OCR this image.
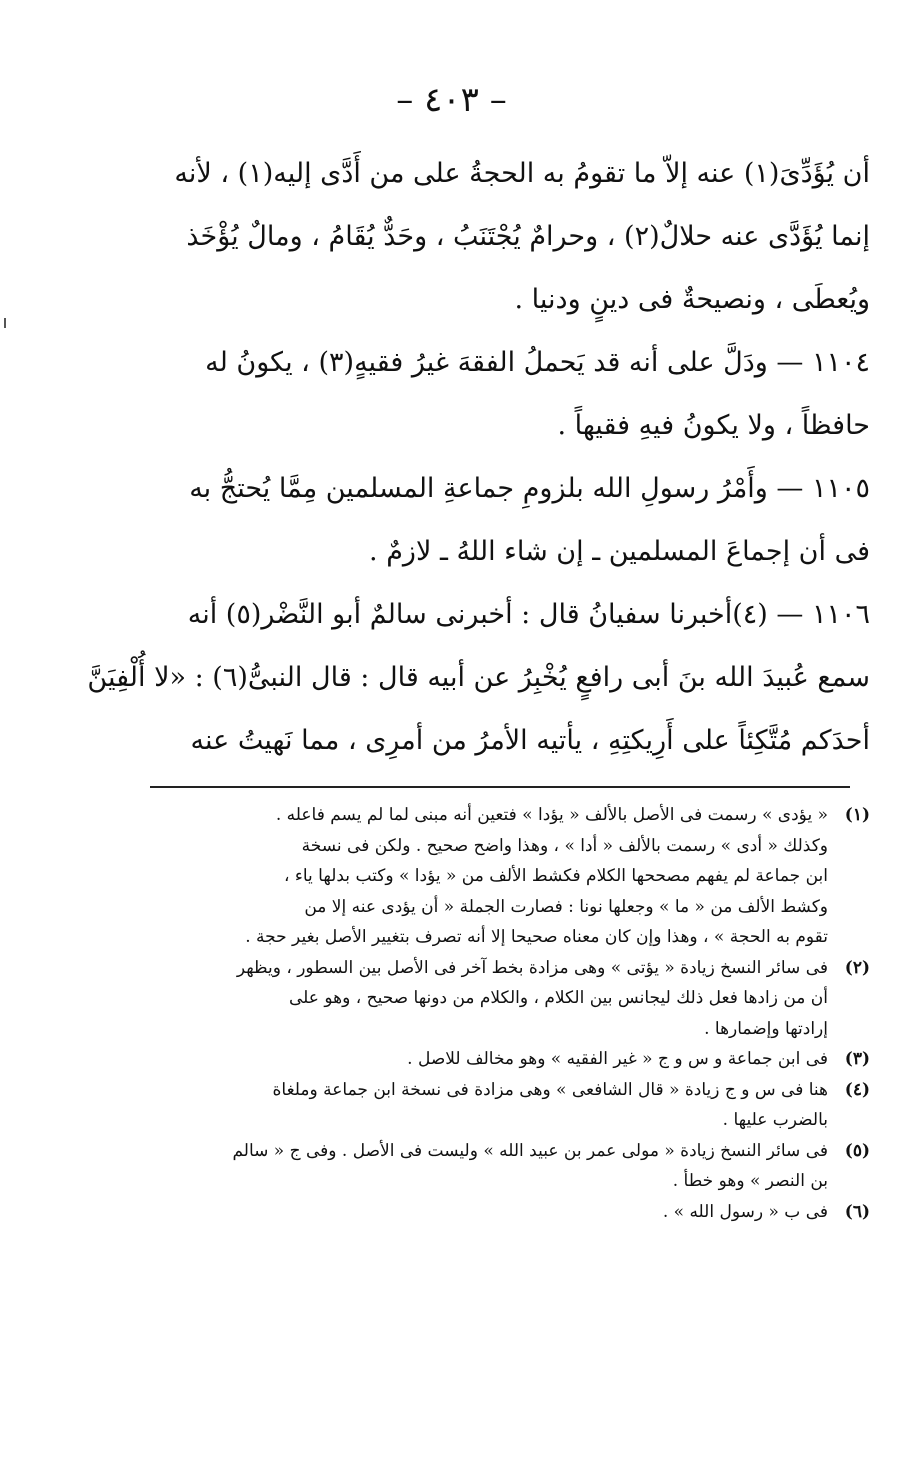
– ٤٠٣ –
أن يُؤَدِّىَ(١) عنه إلاّ ما تقومُ به الحجةُ على من أَدَّى إليه(١) ، لأنه
إنما يُؤَدَّى عنه حلالٌ(٢) ، وحرامٌ يُجْتَنَبُ ، وحَدٌّ يُقَامُ ، ومالٌ يُؤْخَذ
ويُعطَى ، ونصيحةٌ فى دينٍ ودنيا .
١١٠٤ — ودَلَّ على أنه قد يَحملُ الفقهَ غيرُ فقيهٍ(٣) ، يكونُ له
حافظاً ، ولا يكونُ فيهِ فقيهاً .
١١٠٥ — وأَمْرُ رسولِ الله بلزومِ جماعةِ المسلمين مِمَّا يُحتجُّ به
فى أن إجماعَ المسلمين ـ إن شاء اللهُ ـ لازمٌ .
١١٠٦ — (٤)أخبرنا سفيانُ قال : أخبرنى سالمٌ أبو النَّضْر(٥) أنه
سمع عُبيدَ الله بنَ أبى رافعٍ يُخْبِرُ عن أبيه قال : قال النبىُّ(٦) : «لا أُلْفِيَنَّ
أحدَكم مُتَّكِئاً على أَرِيكتِهِ ، يأتيه الأمرُ من أمرِى ، مما نَهيتُ عنه
(١)« يؤدى » رسمت فى الأصل بالألف « يؤدا » فتعين أنه مبنى لما لم يسم فاعله .
وكذلك « أدى » رسمت بالألف « أدا » ، وهذا واضح صحيح . ولكن فى نسخة
ابن جماعة لم يفهم مصححها الكلام فكشط الألف من « يؤدا » وكتب بدلها ياء ،
وكشط الألف من « ما » وجعلها نونا : فصارت الجملة « أن يؤدى عنه إلا من
تقوم به الحجة » ، وهذا وإن كان معناه صحيحا إلا أنه تصرف بتغيير الأصل بغير حجة .
(٢)فى سائر النسخ زيادة « يؤتى » وهى مزادة بخط آخر فى الأصل بين السطور ، ويظهر
أن من زادها فعل ذلك ليجانس بين الكلام ، والكلام من دونها صحيح ، وهو على
إرادتها وإضمارها .
(٣)فى ابن جماعة و س و ج « غير الفقيه » وهو مخالف للاصل .
(٤)هنا فى س و ج زيادة « قال الشافعى » وهى مزادة فى نسخة ابن جماعة وملغاة
بالضرب عليها .
(٥)فى سائر النسخ زيادة « مولى عمر بن عبيد الله » وليست فى الأصل . وفى ج « سالم
بن النصر » وهو خطأ .
(٦)فى ب « رسول الله » .
